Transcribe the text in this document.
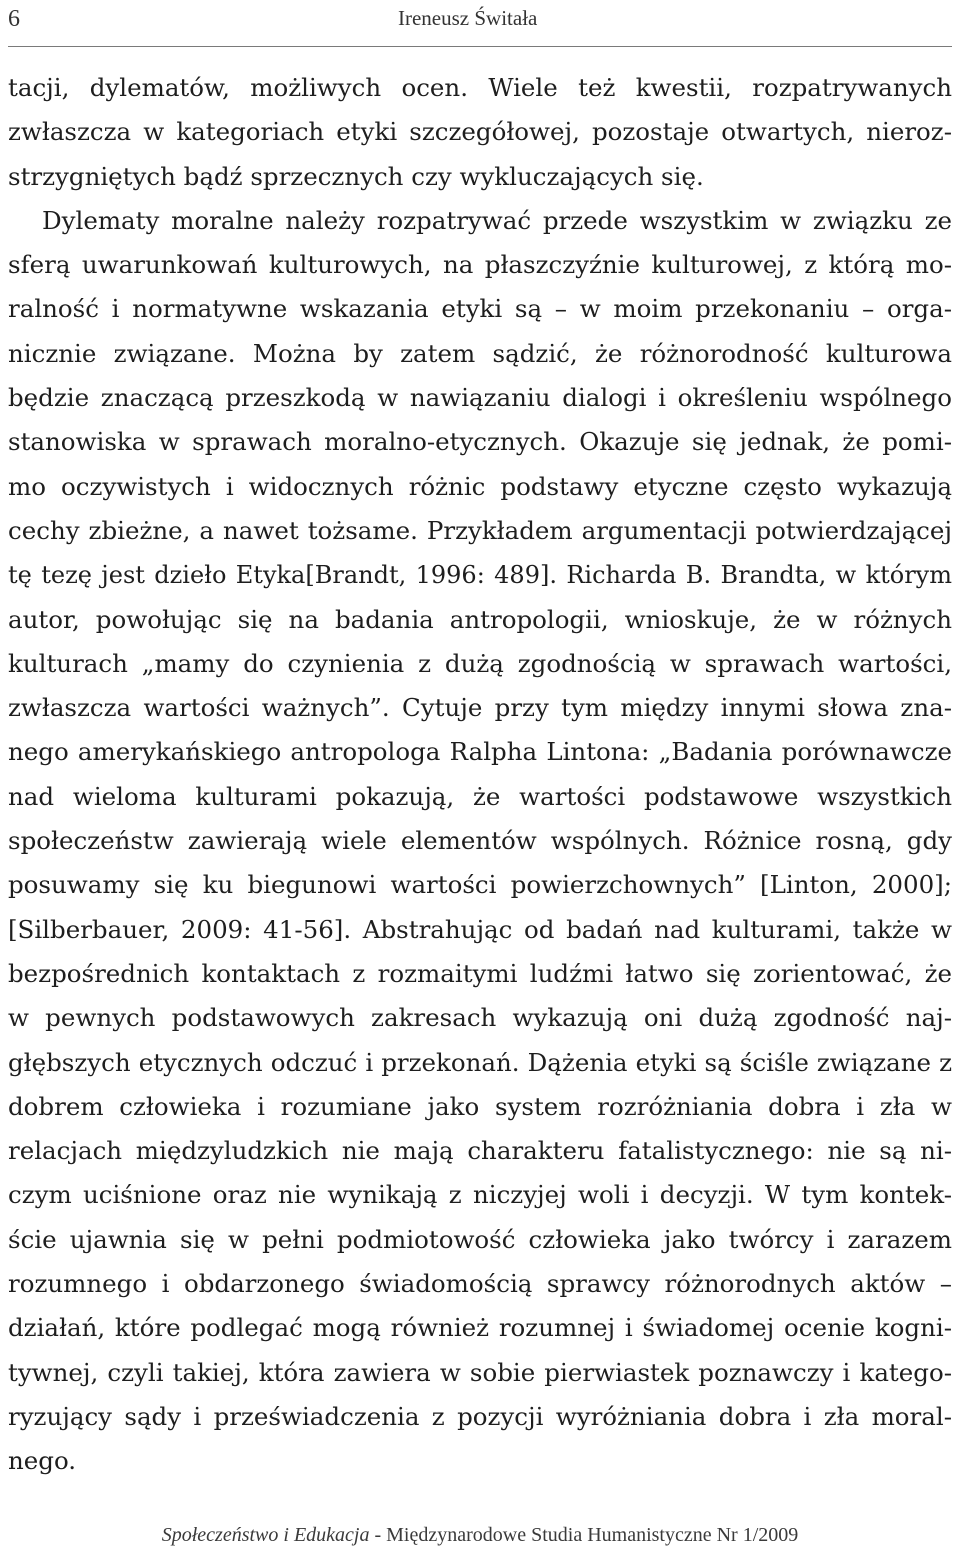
6	Ireneusz Świtała
tacji, dylematów, możliwych ocen. Wiele też kwestii, rozpatrywanych
zwłaszcza w kategoriach etyki szczegółowej, pozostaje otwartych, nieroz-
strzygniętych bądź sprzecznych czy wykluczających się.
Dylematy moralne należy rozpatrywać przede wszystkim w związku ze
sferą uwarunkowań kulturowych, na płaszczyźnie kulturowej, z którą mo-
ralność i normatywne wskazania etyki są – w moim przekonaniu – orga-
nicznie związane. Można by zatem sądzić, że różnorodność kulturowa
będzie znaczącą przeszkodą w nawiązaniu dialogi i określeniu wspólnego
stanowiska w sprawach moralno-etycznych. Okazuje się jednak, że pomi-
mo oczywistych i widocznych różnic podstawy etyczne często wykazują
cechy zbieżne, a nawet tożsame. Przykładem argumentacji potwierdzającej
tę tezę jest dzieło Etyka[Brandt, 1996: 489]. Richarda B. Brandta, w którym
autor, powołując się na badania antropologii, wnioskuje, że w różnych
kulturach „mamy do czynienia z dużą zgodnością w sprawach wartości,
zwłaszcza wartości ważnych”. Cytuje przy tym między innymi słowa zna-
nego amerykańskiego antropologa Ralpha Lintona: „Badania porównawcze
nad wieloma kulturami pokazują, że wartości podstawowe wszystkich
społeczeństw zawierają wiele elementów wspólnych. Różnice rosną, gdy
posuwamy się ku biegunowi wartości powierzchownych” [Linton, 2000];
[Silberbauer, 2009: 41-56]. Abstrahując od badań nad kulturami, także w
bezpośrednich kontaktach z rozmaitymi ludźmi łatwo się zorientować, że
w pewnych podstawowych zakresach wykazują oni dużą zgodność naj-
głębszych etycznych odczuć i przekonań. Dążenia etyki są ściśle związane z
dobrem człowieka i rozumiane jako system rozróżniania dobra i zła w
relacjach międzyludzkich nie mają charakteru fatalistycznego: nie są ni-
czym uciśnione oraz nie wynikają z niczyjej woli i decyzji. W tym kontek-
ście ujawnia się w pełni podmiotowość człowieka jako twórcy i zarazem
rozumnego i obdarzonego świadomością sprawcy różnorodnych aktów –
działań, które podlegać mogą również rozumnej i świadomej ocenie kogni-
tywnej, czyli takiej, która zawiera w sobie pierwiastek poznawczy i katego-
ryzujący sądy i przeświadczenia z pozycji wyróżniania dobra i zła moral-
nego.
Społeczeństwo i Edukacja - Międzynarodowe Studia Humanistyczne Nr 1/2009
